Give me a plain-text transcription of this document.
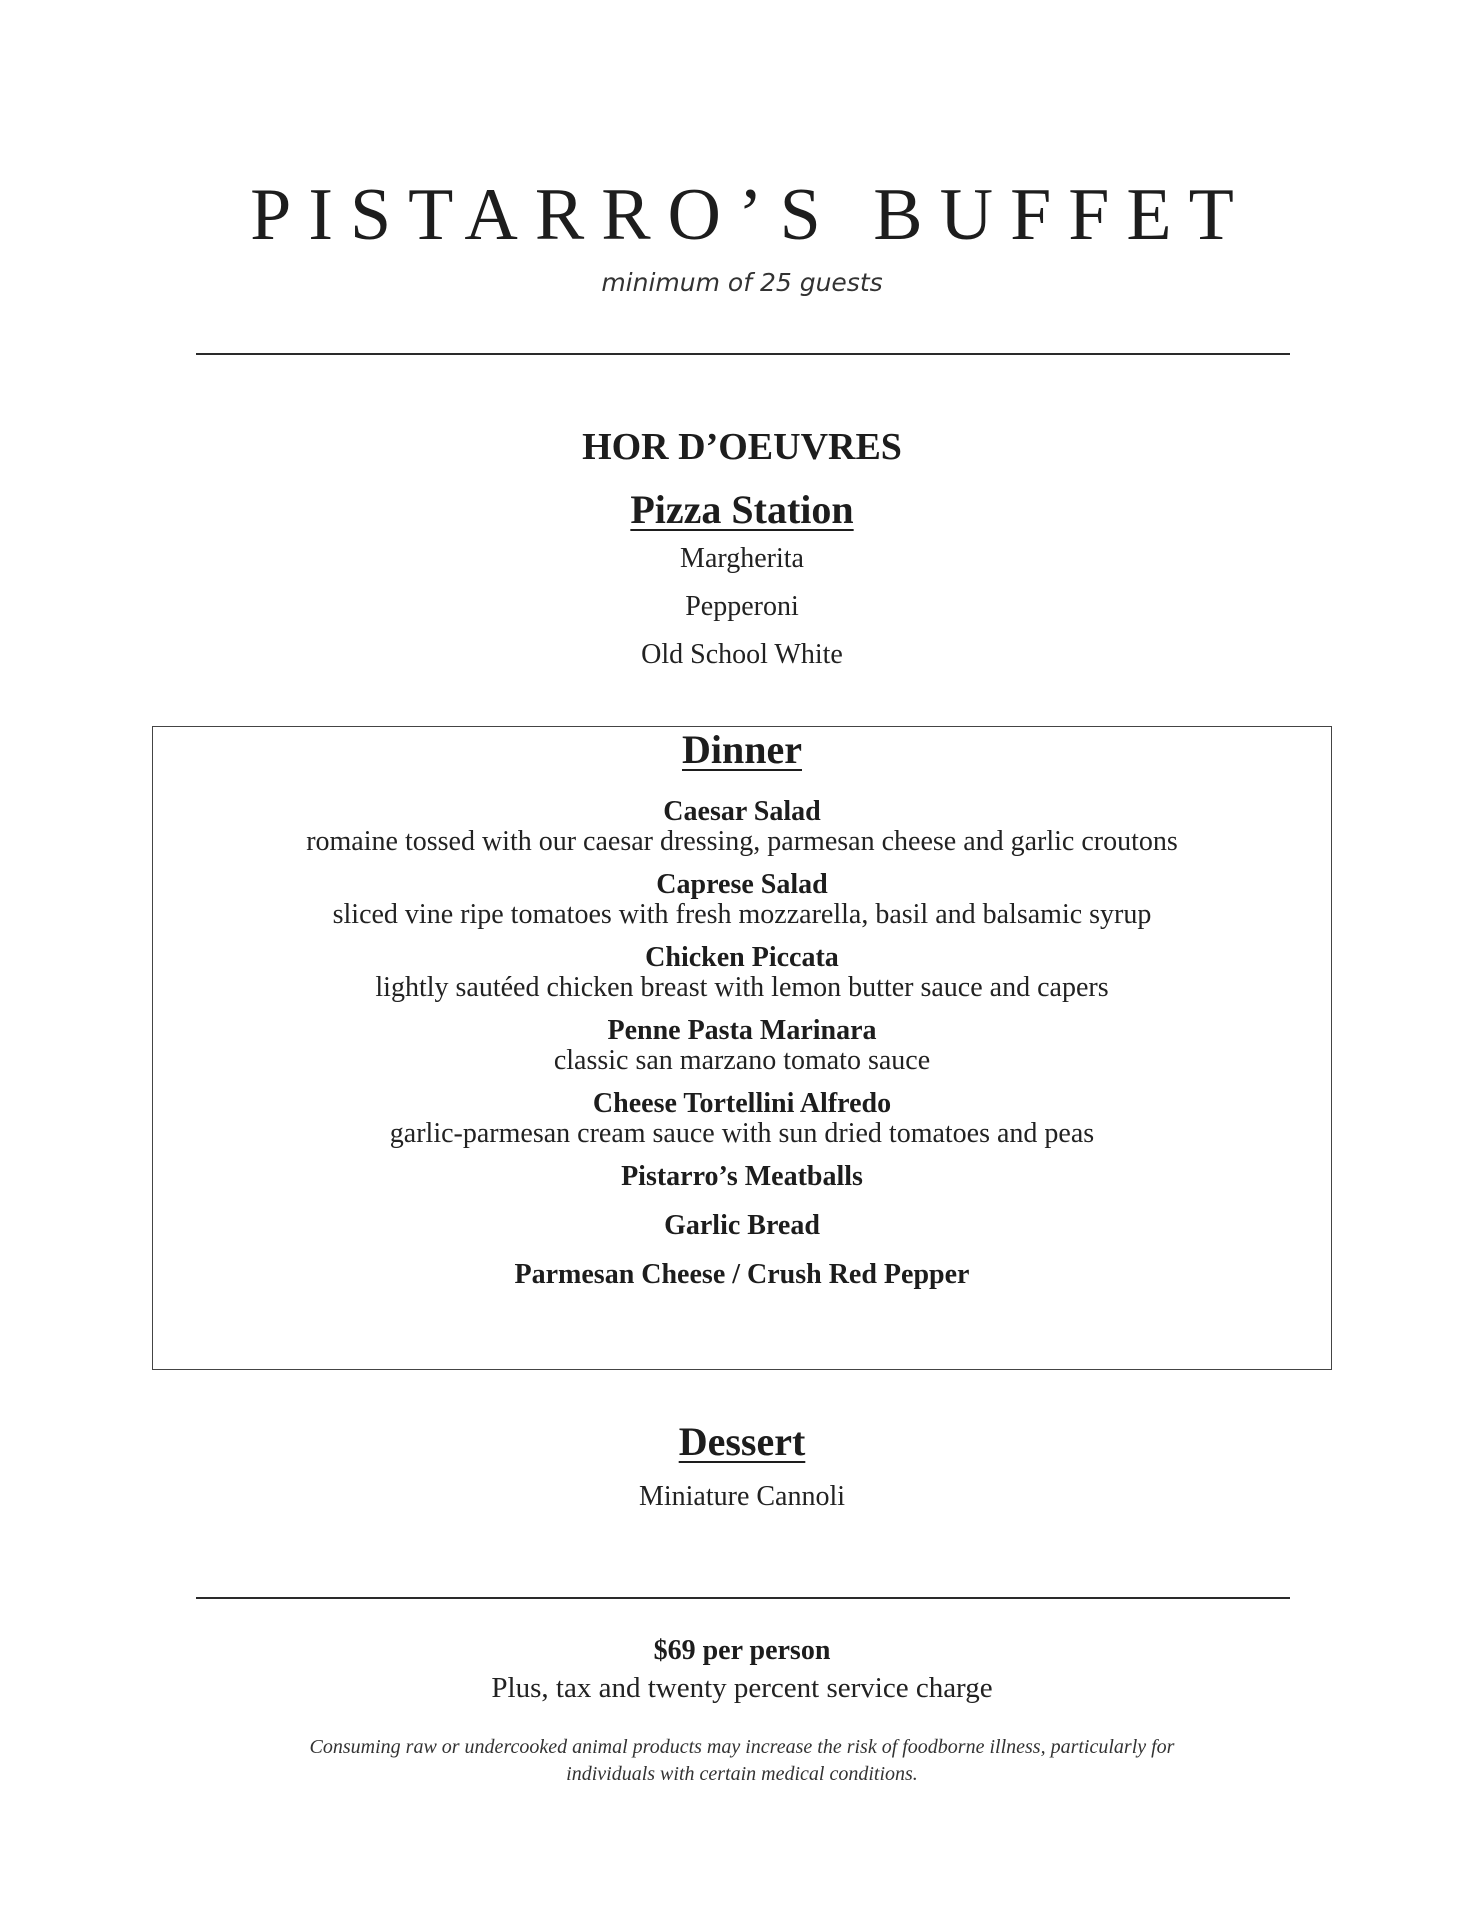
PISTARRO’S BUFFET
minimum of 25 guests
HOR D’OEUVRES
Pizza Station
Margherita
Pepperoni
Old School White
Dinner
Caesar Salad
romaine tossed with our caesar dressing, parmesan cheese and garlic croutons
Caprese Salad
sliced vine ripe tomatoes with fresh mozzarella, basil and balsamic syrup
Chicken Piccata
lightly sautéed chicken breast with lemon butter sauce and capers
Penne Pasta Marinara
classic san marzano tomato sauce
Cheese Tortellini Alfredo
garlic-parmesan cream sauce with sun dried tomatoes and peas
Pistarro’s Meatballs
Garlic Bread
Parmesan Cheese / Crush Red Pepper
Dessert
Miniature Cannoli
$69 per person
Plus, tax and twenty percent service charge
Consuming raw or undercooked animal products may increase the risk of foodborne illness, particularly for individuals with certain medical conditions.
